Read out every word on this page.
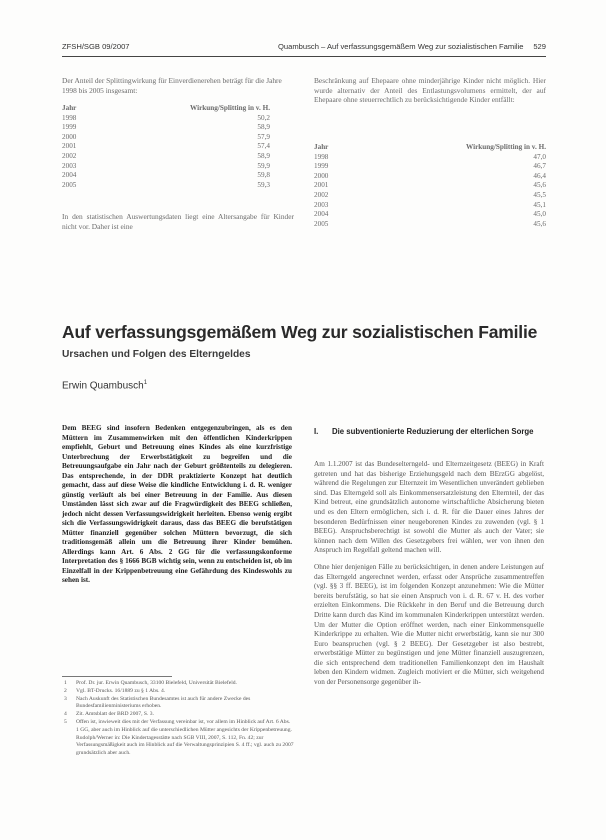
ZFSH/SGB 09/2007	Quambusch – Auf verfassungsgemäßem Weg zur sozialistischen Familie 529

Der Anteil der Splittingwirkung für Einverdienerehen beträgt für die Jahre 1998 bis 2005 insgesamt:

Jahr	Wirkung/Splitting in v. H.
1998	50,2
1999	58,9
2000	57,9
2001	57,4
2002	58,9
2003	59,9
2004	59,8
2005	59,3

In den statistischen Auswertungsdaten liegt eine Altersangabe für Kinder nicht vor. Daher ist eine

Beschränkung auf Ehepaare ohne minderjährige Kinder nicht möglich. Hier wurde alternativ der Anteil des Entlastungsvolumens ermittelt, der auf Ehepaare ohne steuerrechtlich zu berücksichtigende Kinder entfällt:

Jahr	Wirkung/Splitting in v. H.
1998	47,0
1999	46,7
2000	46,4
2001	45,6
2002	45,5
2003	45,1
2004	45,0
2005	45,6
Auf verfassungsgemäßem Weg zur sozialistischen Familie
Ursachen und Folgen des Elterngeldes
Erwin Quambusch$^1$
Dem BEEG sind insofern Bedenken entgegenzubringen, als es den Müttern im Zusammenwirken mit den öffentlichen Kinderkrippen empfiehlt, Geburt und Betreuung eines Kindes als eine kurzfristige Unterbrechung der Erwerbstätigkeit zu begreifen und die Betreuungsaufgabe ein Jahr nach der Geburt größtenteils zu delegieren. Das entsprechende, in der DDR praktizierte Konzept hat deutlich gemacht, dass auf diese Weise die kindliche Entwicklung i. d. R. weniger günstig verläuft als bei einer Betreuung in der Familie. Aus diesen Umständen lässt sich zwar auf die Fragwürdigkeit des BEEG schließen, jedoch nicht dessen Verfassungswidrigkeit herleiten. Ebenso wenig ergibt sich die Verfassungswidrigkeit daraus, dass das BEEG die berufstätigen Mütter finanziell gegenüber solchen Müttern bevorzugt, die sich traditionsgemäß allein um die Betreuung ihrer Kinder bemühen. Allerdings kann Art. 6 Abs. 2 GG für die verfassungskonforme Interpretation des § 1666 BGB wichtig sein, wenn zu entscheiden ist, ob im Einzelfall in der Krippenbetreuung eine Gefährdung des Kindeswohls zu sehen ist.
I. Die subventionierte Reduzierung der elterlichen Sorge

Am 1.1.2007 ist das Bundeselterngeld- und Elternzeitgesetz (BEEG) in Kraft getreten und hat das bisherige Erziehungsgeld nach dem BErzGG abgelöst, während die Regelungen zur Elternzeit im Wesentlichen unverändert geblieben sind. Das Elterngeld soll als Einkommensersatzleistung den Elternteil, der das Kind betreut, eine grundsätzlich autonome wirtschaftliche Absicherung bieten und es den Eltern ermöglichen, sich i. d. R. für die Dauer eines Jahres der besonderen Bedürfnissen einer neugeborenen Kindes zu zuwenden (vgl. § 1 BEEG). Anspruchsberechtigt ist sowohl die Mutter als auch der Vater; sie können nach dem Willen des Gesetzgebers frei wählen, wer von ihnen den Anspruch im Regelfall geltend machen will.

Ohne hier denjenigen Fälle zu berücksichtigen, in denen andere Leistungen auf das Elterngeld angerechnet werden, erfasst oder Ansprüche zusammentreffen (vgl. §§ 3 ff. BEEG), ist im folgenden Konzept anzunehmen: Wie die Mütter bereits berufstätig, so hat sie einen Anspruch von i. d. R. 67 v. H. des vorher erzielten Einkommens. Die Rückkehr in den Beruf und die Betreuung durch Dritte kann durch das Kind im kommunalen Kinderkrippen unterstützt werden. Um der Mutter die Option eröffnet werden, nach einer Einkommensquelle Kinderkrippe zu erhalten. Wie die Mutter nicht erwerbstätig, kann sie nur 300 Euro beanspruchen (vgl. § 2 BEEG). Der Gesetzgeber ist also bestrebt, erwerbstätige Mütter zu begünstigen und jene Mütter finanziell auszugrenzen, die sich entsprechend dem traditionellen Familienkonzept den im Haushalt leben den Kindern widmen. Zugleich motiviert er die Mütter, sich weitgehend von der Personensorge gegenüber ih-

1 Prof. Dr. jur. Erwin Quambusch, 33100 Bielefeld, Universität Bielefeld.
2 Vgl. BT-Drucks. 16/1889 zu § 1 Abs. 4.
3 Nach Auskunft des Statistischen Bundesamtes ist auch für andere Zwecke des Bundesfamilienministeriums erhoben.
4 Zit. Amtsblatt der BRD 2007, S. 3.
5 Offen ist, inwieweit dies mit der Verfassung vereinbar ist, vor allem im Hinblick auf Art. 6 Abs. 1 GG, aber auch im Hinblick auf die unterschiedlichen Mütter angesichts der Krippenbetreuung. Rudolph/Werner in: Die Kindertagesstätte nach SGB VIII, 2007, S. 112, Fn. 42; zur Verfassungsmäßigkeit auch im Hinblick auf die Verwaltungsprinzipien S. 4 ff.; vgl. auch zu 2007 grundsätzlich aber auch.
